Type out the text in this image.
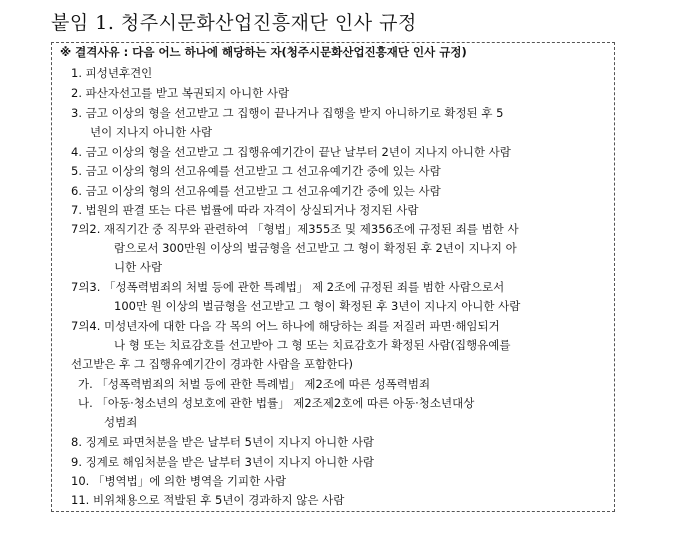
붙임 1. 청주시문화산업진흥재단 인사 규정
※ 결격사유 : 다음 어느 하나에 해당하는 자(청주시문화산업진흥재단 인사 규정)
1. 피성년후견인
2. 파산자선고를 받고 복권되지 아니한 사람
3. 금고 이상의 형을 선고받고 그 집행이 끝나거나 집행을 받지 아니하기로 확정된 후 5
년이 지나지 아니한 사람
4. 금고 이상의 형을 선고받고 그 집행유예기간이 끝난 날부터 2년이 지나지 아니한 사람
5. 금고 이상의 형의 선고유예를 선고받고 그 선고유예기간 중에 있는 사람
6. 금고 이상의 형의 선고유예를 선고받고 그 선고유예기간 중에 있는 사람
7. 법원의 판결 또는 다른 법률에 따라 자격이 상실되거나 정지된 사람
7의2. 재직기간 중 직무와 관련하여 「형법」제355조 및 제356조에 규정된 죄를 범한 사
람으로서 300만원 이상의 벌금형을 선고받고 그 형이 확정된 후 2년이 지나지 아
니한 사람
7의3. 「성폭력범죄의 처벌 등에 관한 특례법」 제 2조에 규정된 죄를 범한 사람으로서
100만 원 이상의 벌금형을 선고받고 그 형이 확정된 후 3년이 지나지 아니한 사람
7의4. 미성년자에 대한 다음 각 목의 어느 하나에 해당하는 죄를 저질러 파면·해임되거
나 형 또는 치료감호를 선고받아 그 형 또는 치료감호가 확정된 사람(집행유예를
선고받은 후 그 집행유예기간이 경과한 사람을 포함한다)
가. 「성폭력범죄의 처벌 등에 관한 특례법」 제2조에 따른 성폭력범죄
나. 「아동·청소년의 성보호에 관한 법률」 제2조제2호에 따른 아동·청소년대상
성범죄
8. 징계로 파면처분을 받은 날부터 5년이 지나지 아니한 사람
9. 징계로 해임처분을 받은 날부터 3년이 지나지 아니한 사람
10. 「병역법」에 의한 병역을 기피한 사람
11. 비위채용으로 적발된 후 5년이 경과하지 않은 사람
